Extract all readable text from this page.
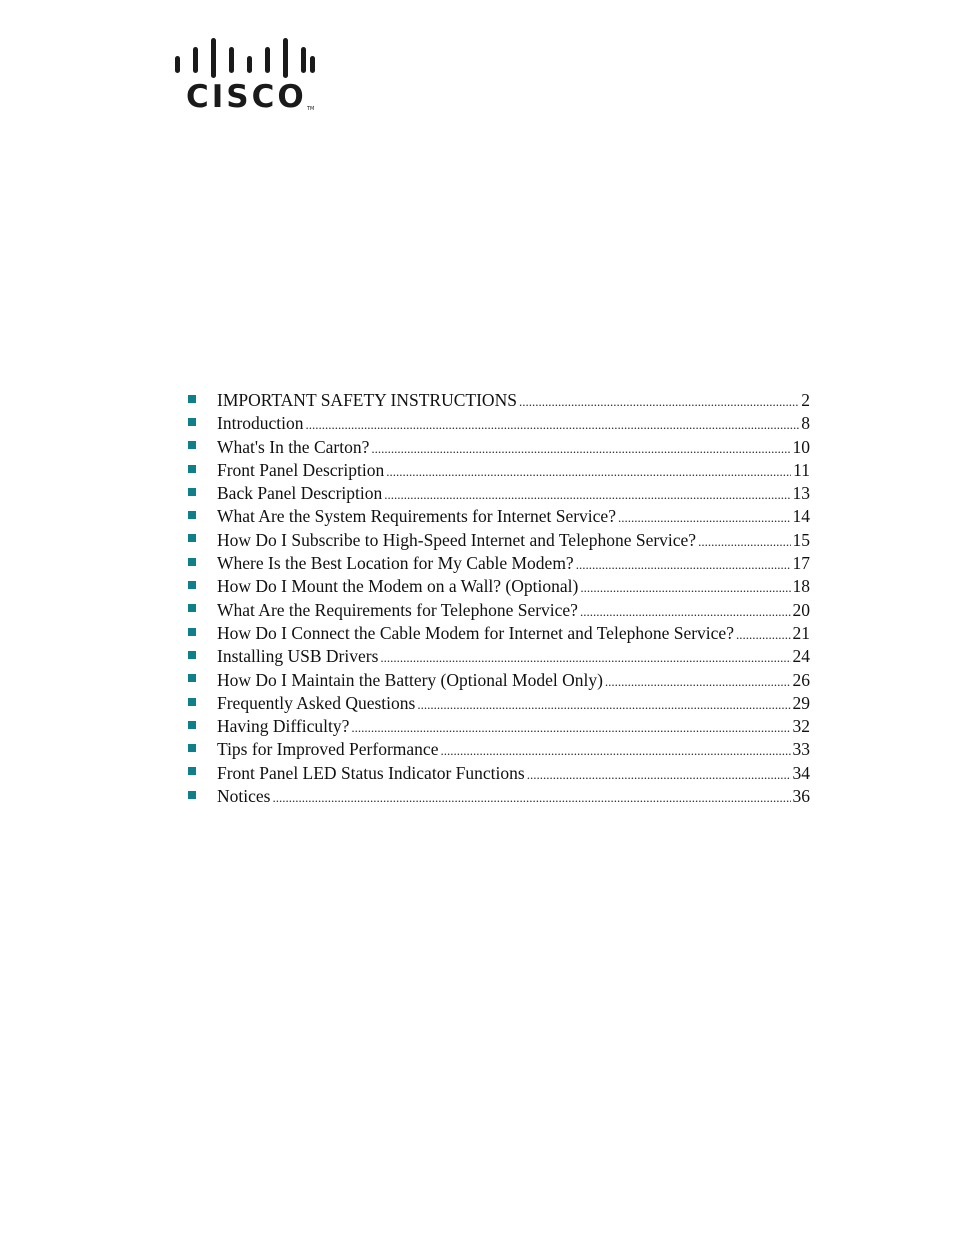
CISCO TM
IMPORTANT SAFETY INSTRUCTIONS .....	2
Introduction .....	8
What's In the Carton? .....	10
Front Panel Description .....	11
Back Panel Description .....	13
What Are the System Requirements for Internet Service? .....	14
How Do I Subscribe to High-Speed Internet and Telephone Service? .....	15
Where Is the Best Location for My Cable Modem? .....	17
How Do I Mount the Modem on a Wall? (Optional) .....	18
What Are the Requirements for Telephone Service? .....	20
How Do I Connect the Cable Modem for Internet and Telephone Service? .....	21
Installing USB Drivers .....	24
How Do I Maintain the Battery (Optional Model Only) .....	26
Frequently Asked Questions .....	29
Having Difficulty? .....	32
Tips for Improved Performance .....	33
Front Panel LED Status Indicator Functions .....	34
Notices .....	36
